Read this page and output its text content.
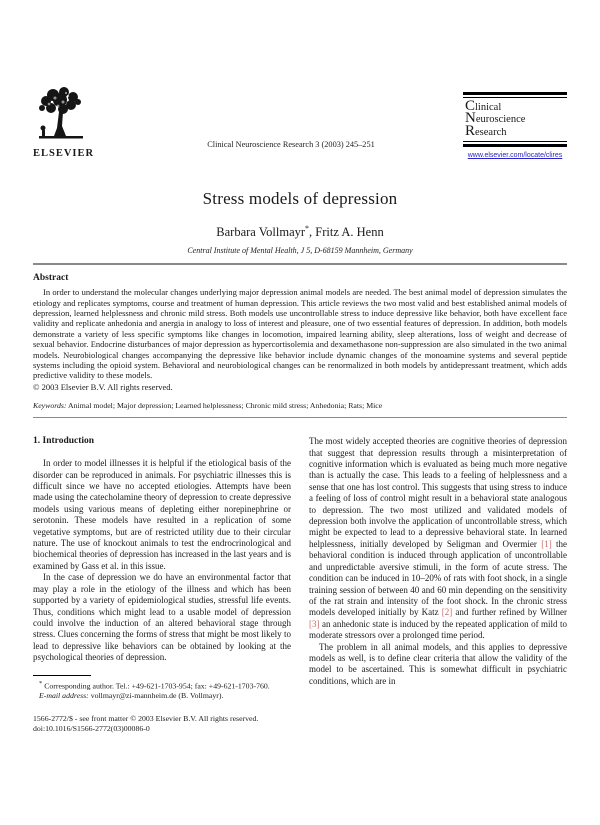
ELSEVIER
Clinical Neuroscience Research 3 (2003) 245–251
Clinical
Neuroscience
Research
www.elsevier.com/locate/clires
Stress models of depression
Barbara Vollmayr*, Fritz A. Henn
Central Institute of Mental Health, J 5, D-68159 Mannheim, Germany
Abstract
In order to understand the molecular changes underlying major depression animal models are needed. The best animal model of depression simulates the etiology and replicates symptoms, course and treatment of human depression. This article reviews the two most valid and best established animal models of depression, learned helplessness and chronic mild stress. Both models use uncontrollable stress to induce depressive like behavior, both have excellent face validity and replicate anhedonia and anergia in analogy to loss of interest and pleasure, one of two essential features of depression. In addition, both models demonstrate a variety of less specific symptoms like changes in locomotion, impaired learning ability, sleep alterations, loss of weight and decrease of sexual behavior. Endocrine disturbances of major depression as hypercortisolemia and dexamethasone non-suppression are also simulated in the two animal models. Neurobiological changes accompanying the depressive like behavior include dynamic changes of the monoamine systems and several peptide systems including the opioid system. Behavioral and neurobiological changes can be renormalized in both models by antidepressant treatment, which adds predictive validity to these models.
© 2003 Elsevier B.V. All rights reserved.
Keywords: Animal model; Major depression; Learned helplessness; Chronic mild stress; Anhedonia; Rats; Mice
1. Introduction

In order to model illnesses it is helpful if the etiological basis of the disorder can be reproduced in animals. For psychiatric illnesses this is difficult since we have no accepted etiologies. Attempts have been made using the catecholamine theory of depression to create depressive models using various means of depleting either norepinephrine or serotonin. These models have resulted in a replication of some vegetative symptoms, but are of restricted utility due to their circular nature. The use of knockout animals to test the endrocrinological and biochemical theories of depression has increased in the last years and is examined by Gass et al. in this issue.

In the case of depression we do have an environmental factor that may play a role in the etiology of the illness and which has been supported by a variety of epidemiological studies, stressful life events. Thus, conditions which might lead to a usable model of depression could involve the induction of an altered behavioral stage through stress. Clues concerning the forms of stress that might be most likely to lead to depressive like behaviors can be obtained by looking at the psychological theories of depression.

* Corresponding author. Tel.: +49-621-1703-954; fax: +49-621-1703-760.
E-mail address: vollmayr@zi-mannheim.de (B. Vollmayr).
1566-2772/$ - see front matter © 2003 Elsevier B.V. All rights reserved.
doi:10.1016/S1566-2772(03)00086-0

The most widely accepted theories are cognitive theories of depression that suggest that depression results through a misinterpretation of cognitive information which is evaluated as being much more negative than is actually the case. This leads to a feeling of helplessness and a sense that one has lost control. This suggests that using stress to induce a feeling of loss of control might result in a behavioral state analogous to depression. The two most utilized and validated models of depression both involve the application of uncontrollable stress, which might be expected to lead to a depressive behavioral state. In learned helplessness, initially developed by Seligman and Overmier [1] the behavioral condition is induced through application of uncontrollable and unpredictable aversive stimuli, in the form of acute stress. The condition can be induced in 10–20% of rats with foot shock, in a single training session of between 40 and 60 min depending on the sensitivity of the rat strain and intensity of the foot shock. In the chronic stress models developed initially by Katz [2] and further refined by Willner [3] an anhedonic state is induced by the repeated application of mild to moderate stressors over a prolonged time period.

The problem in all animal models, and this applies to depressive models as well, is to define clear criteria that allow the validity of the model to be ascertained. This is somewhat difficult in psychiatric conditions, which are in
